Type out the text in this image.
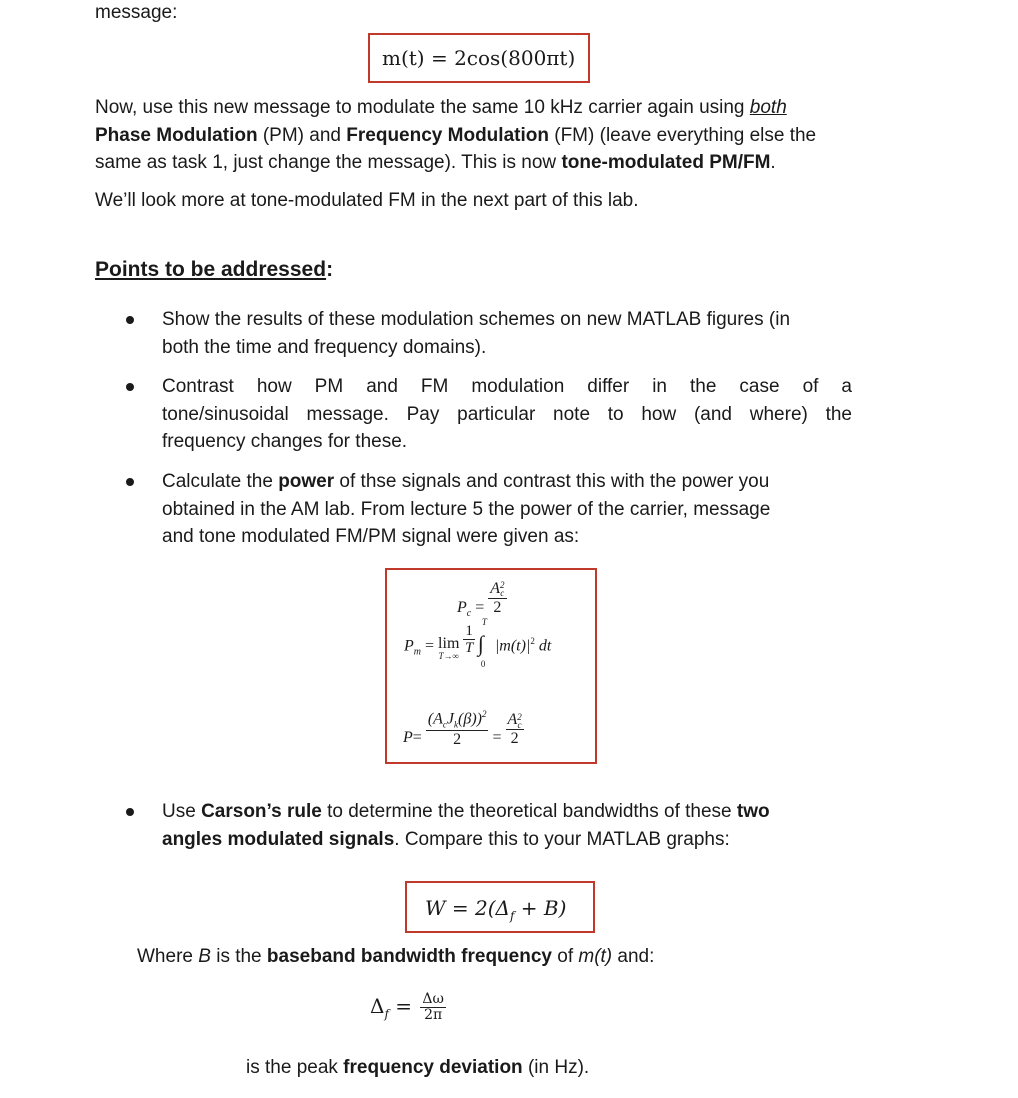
message:
m(t) = 2cos(800πt)
Now, use this new message to modulate the same 10 kHz carrier again using both
Phase Modulation (PM) and Frequency Modulation (FM) (leave everything else the
same as task 1, just change the message). This is now tone-modulated PM/FM.
We’ll look more at tone-modulated FM in the next part of this lab.
Points to be addressed:
Show the results of these modulation schemes on new MATLAB figures (in
both the time and frequency domains).
Contrast how PM and FM modulation differ in the case of a
tone/sinusoidal message. Pay particular note to how (and where) the
frequency changes for these.
Calculate the power of thse signals and contrast this with the power you
obtained in the AM lab. From lecture 5 the power of the carrier, message
and tone modulated FM/PM signal were given as:
$P_c = A$ 2
c
2
$P_m = \lim$
T→∞
$\frac{1}{T}$

T
∫
0
$|m(t)|^2$ dt
$P= \frac{(A_cJ_k(\beta))^2}{2} = A$ 2
c
2
Use Carson’s rule to determine the theoretical bandwidths of these two
angles modulated signals. Compare this to your MATLAB graphs:
$W = 2(\Delta_f + B)$
Where B is the baseband bandwidth frequency of m(t) and:
$\Delta_f = \frac{\Delta\omega}{2\pi}$
is the peak frequency deviation (in Hz).
